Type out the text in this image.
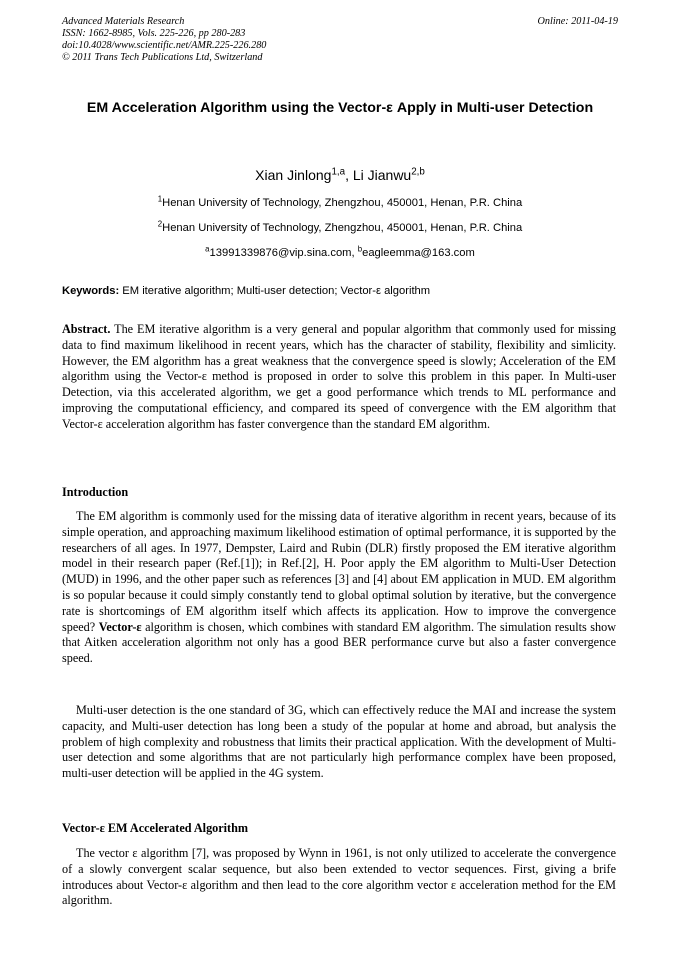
Advanced Materials Research
ISSN: 1662-8985, Vols. 225-226, pp 280-283
doi:10.4028/www.scientific.net/AMR.225-226.280
© 2011 Trans Tech Publications Ltd, Switzerland
Online: 2011-04-19
EM Acceleration Algorithm using the Vector-ε Apply in Multi-user Detection
Xian Jinlong$^{1,a}$, Li Jianwu$^{2,b}$
$^1$Henan University of Technology, Zhengzhou, 450001, Henan, P.R. China
$^2$Henan University of Technology, Zhengzhou, 450001, Henan, P.R. China
$^a$13991339876@vip.sina.com, $^b$eagleemma@163.com
Keywords: EM iterative algorithm; Multi-user detection; Vector-ε algorithm

Abstract. The EM iterative algorithm is a very general and popular algorithm that commonly used for missing data to find maximum likelihood in recent years, which has the character of stability, flexibility and simlicity. However, the EM algorithm has a great weakness that the convergence speed is slowly; Acceleration of the EM algorithm using the Vector-ε method is proposed in order to solve this problem in this paper. In Multi-user Detection, via this accelerated algorithm, we get a good performance which trends to ML performance and improving the computational efficiency, and compared its speed of convergence with the EM algorithm that Vector-ε acceleration algorithm has faster convergence than the standard EM algorithm.

Introduction

The EM algorithm is commonly used for the missing data of iterative algorithm in recent years, because of its simple operation, and approaching maximum likelihood estimation of optimal performance, it is supported by the researchers of all ages. In 1977, Dempster, Laird and Rubin (DLR) firstly proposed the EM iterative algorithm model in their research paper (Ref.[1]); in Ref.[2], H. Poor apply the EM algorithm to Multi-User Detection (MUD) in 1996, and the other paper such as references [3] and [4] about EM application in MUD. EM algorithm is so popular because it could simply constantly tend to global optimal solution by iterative, but the convergence rate is shortcomings of EM algorithm itself which affects its application. How to improve the convergence speed? Vector-ε algorithm is chosen, which combines with standard EM algorithm. The simulation results show that Aitken acceleration algorithm not only has a good BER performance curve but also a faster convergence speed.

Multi-user detection is the one standard of 3G, which can effectively reduce the MAI and increase the system capacity, and Multi-user detection has long been a study of the popular at home and abroad, but analysis the problem of high complexity and robustness that limits their practical application. With the development of Multi-user detection and some algorithms that are not particularly high performance complex have been proposed, multi-user detection will be applied in the 4G system.

Vector-ε EM Accelerated Algorithm

The vector ε algorithm [7], was proposed by Wynn in 1961, is not only utilized to accelerate the convergence of a slowly convergent scalar sequence, but also been extended to vector sequences. First, giving a brife introduces about Vector-ε algorithm and then lead to the core algorithm vector ε acceleration method for the EM algorithm.
